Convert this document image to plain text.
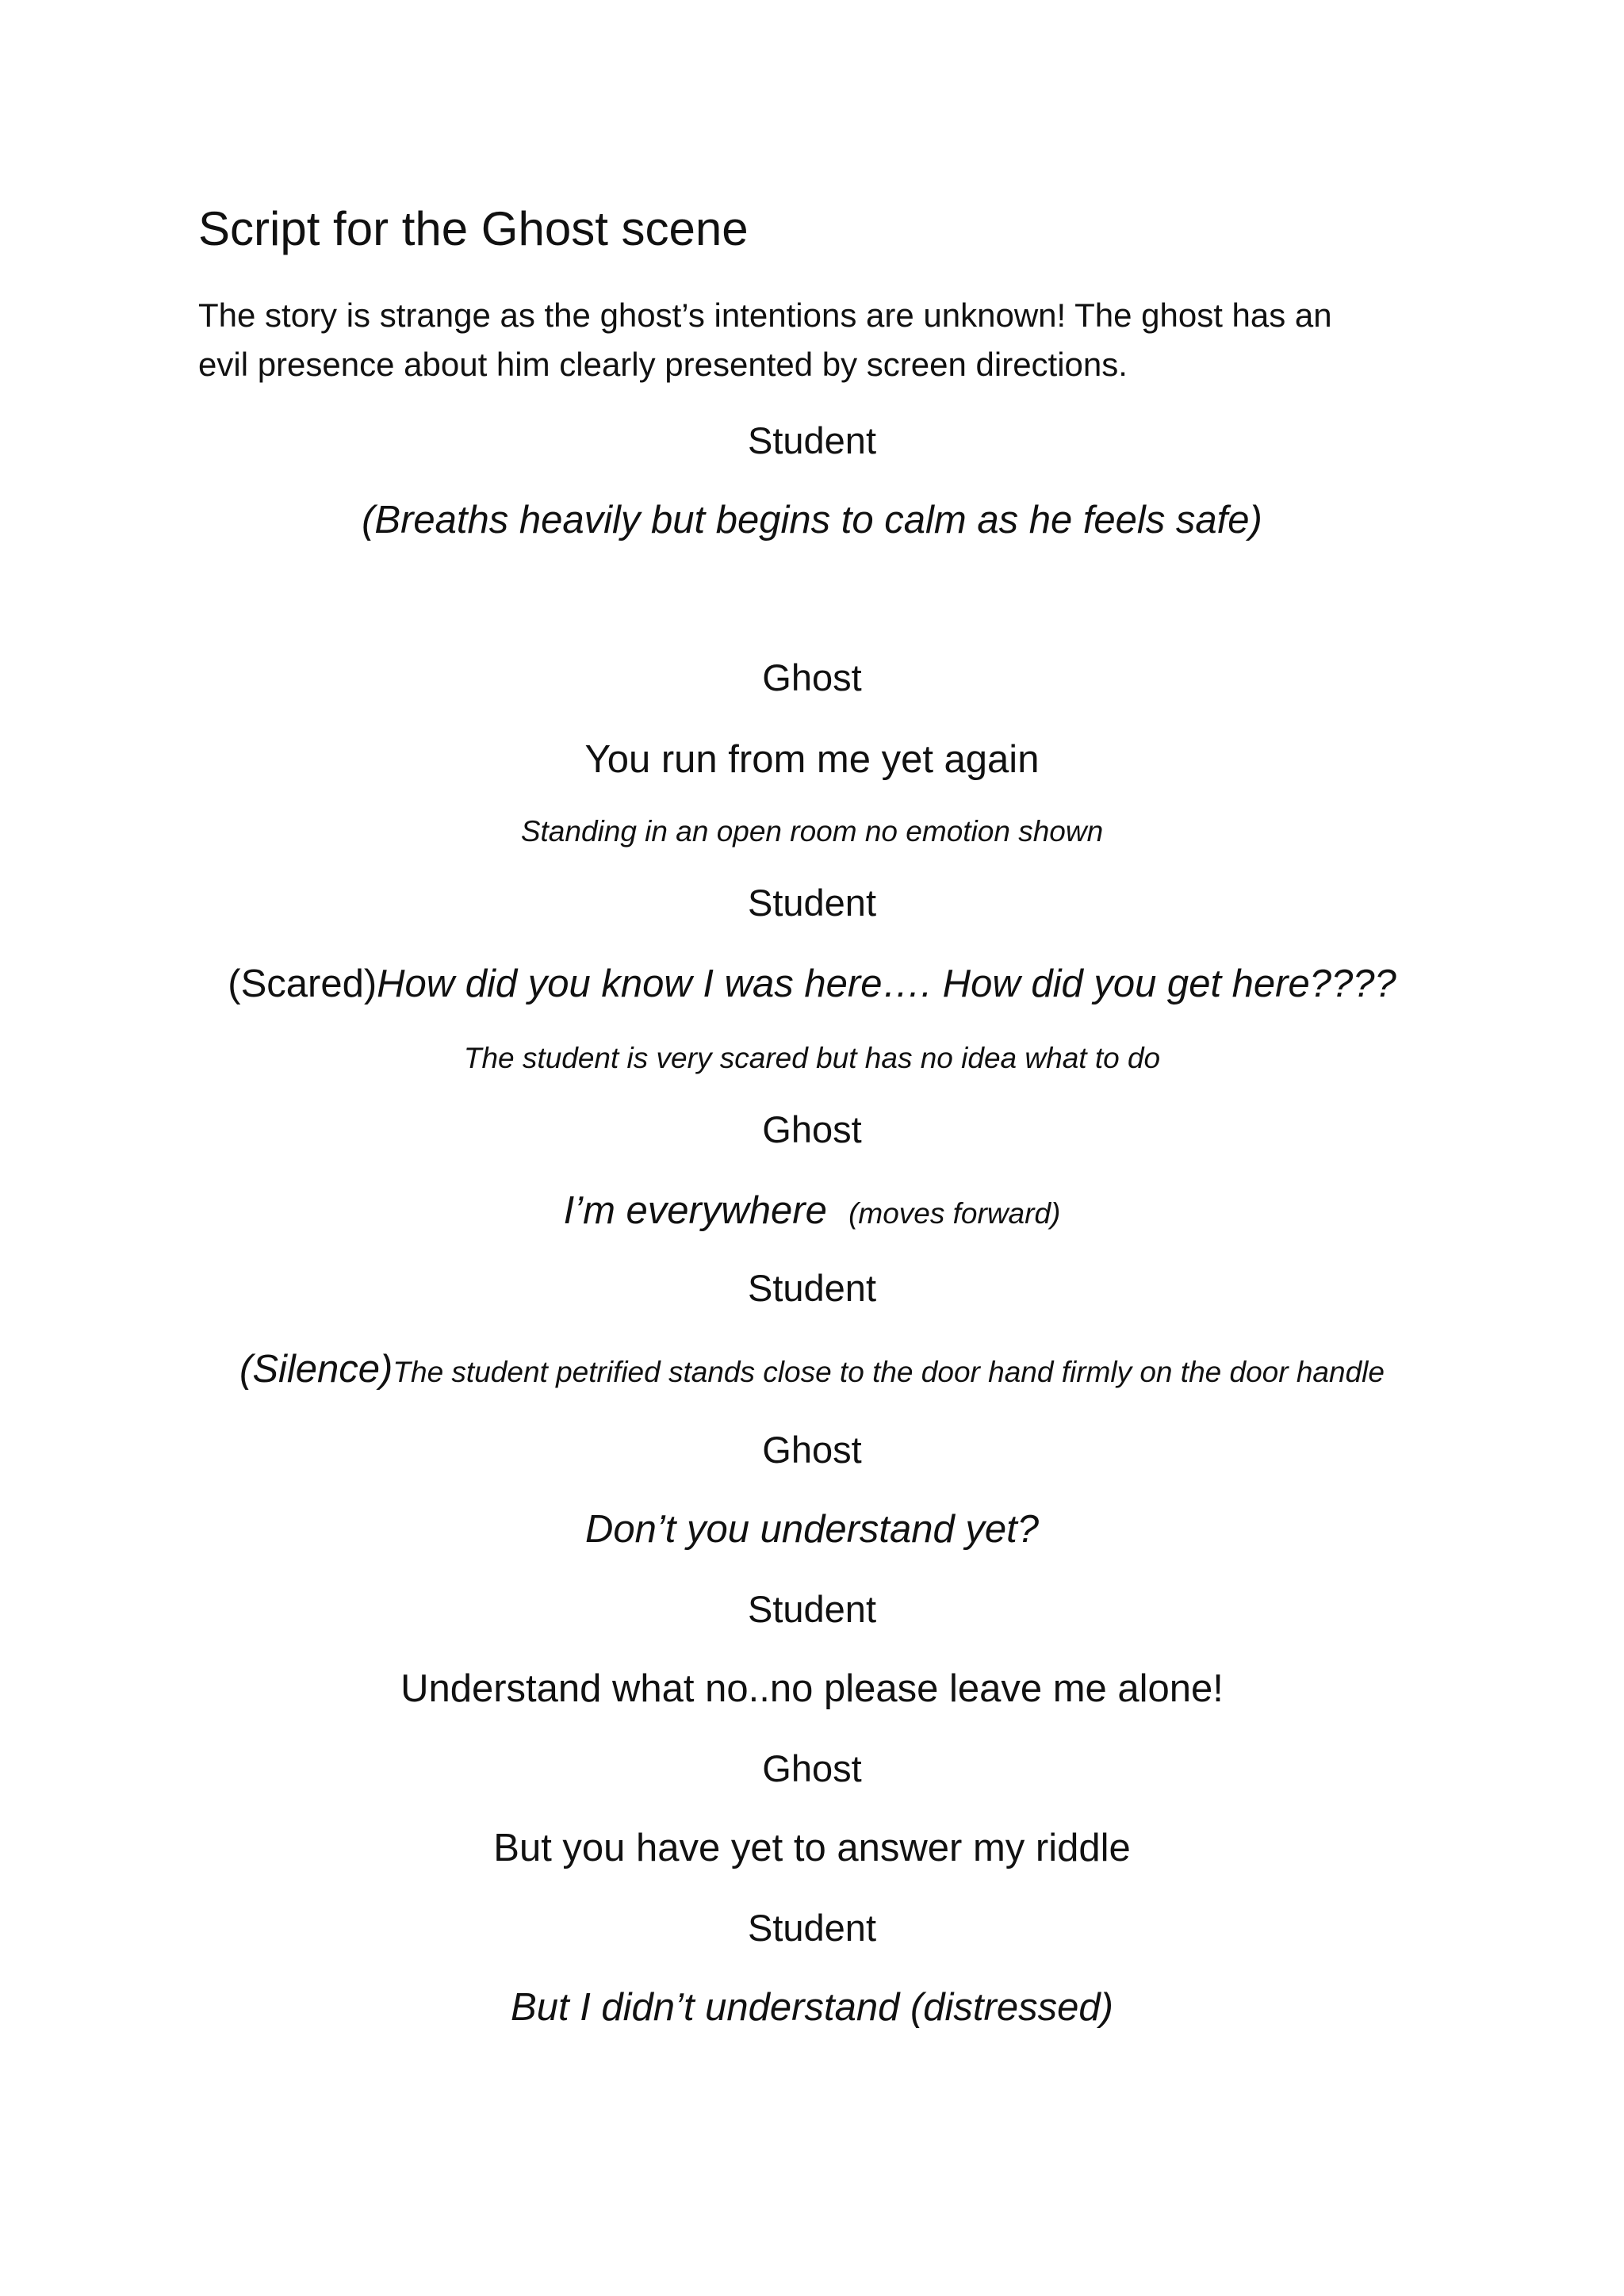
Script for the Ghost scene

The story is strange as the ghost’s intentions are unknown! The ghost has an
evil presence about him clearly presented by screen directions.

Student

(Breaths heavily but begins to calm as he feels safe)

Ghost

You run from me yet again

Standing in an open room no emotion shown

Student

(Scared)How did you know I was here…. How did you get here????

The student is very scared but has no idea what to do

Ghost

I’m everywhere (moves forward)

Student

(Silence)The student petrified stands close to the door hand firmly on the door handle

Ghost

Don’t you understand yet?

Student

Understand what no..no please leave me alone!

Ghost

But you have yet to answer my riddle

Student

But I didn’t understand (distressed)
